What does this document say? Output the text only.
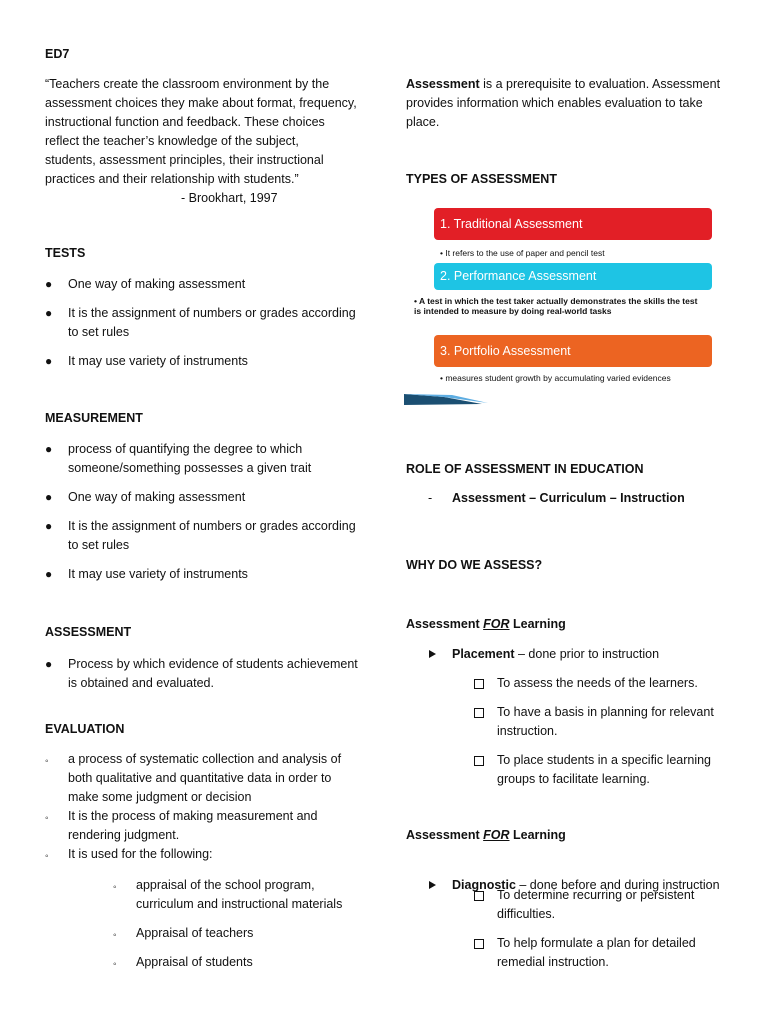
ED7

“Teachers create the classroom environment by the

assessment choices they make about format, frequency,

instructional function and feedback. These choices

reflect the teacher’s knowledge of the subject,

students, assessment principles, their instructional

practices and their relationship with students.”

- Brookhart, 1997

TESTS
● One way of making assessment
● It is the assignment of numbers or grades according to set rules
● It may use variety of instruments
MEASUREMENT
● process of quantifying the degree to which someone/something possesses a given trait
● One way of making assessment
● It is the assignment of numbers or grades according to set rules
● It may use variety of instruments
ASSESSMENT
● Process by which evidence of students achievement is obtained and evaluated.
EVALUATION
◦ a process of systematic collection and analysis of both qualitative and quantitative data in order to make some judgment or decision
◦ It is the process of making measurement and rendering judgment.
◦ It is used for the following:
◦ appraisal of the school program, curriculum and instructional materials
◦ Appraisal of teachers
◦ Appraisal of students

Assessment is a prerequisite to evaluation. Assessment provides information which enables evaluation to take place.

TYPES OF ASSESSMENT
1. Traditional Assessment
• It refers to the use of paper and pencil test
2. Performance Assessment
• A test in which the test taker actually demonstrates the skills the test is intended to measure by doing real-world tasks
3. Portfolio Assessment
• measures student growth by accumulating varied evidences
ROLE OF ASSESSMENT IN EDUCATION
- Assessment – Curriculum – Instruction
WHY DO WE ASSESS?
Assessment FOR Learning
Placement – done prior to instruction
To assess the needs of the learners.
To have a basis in planning for relevant instruction.
To place students in a specific learning groups to facilitate learning.
Assessment FOR Learning
Diagnostic – done before and during instruction
To determine recurring or persistent difficulties.
To help formulate a plan for detailed remedial instruction.
